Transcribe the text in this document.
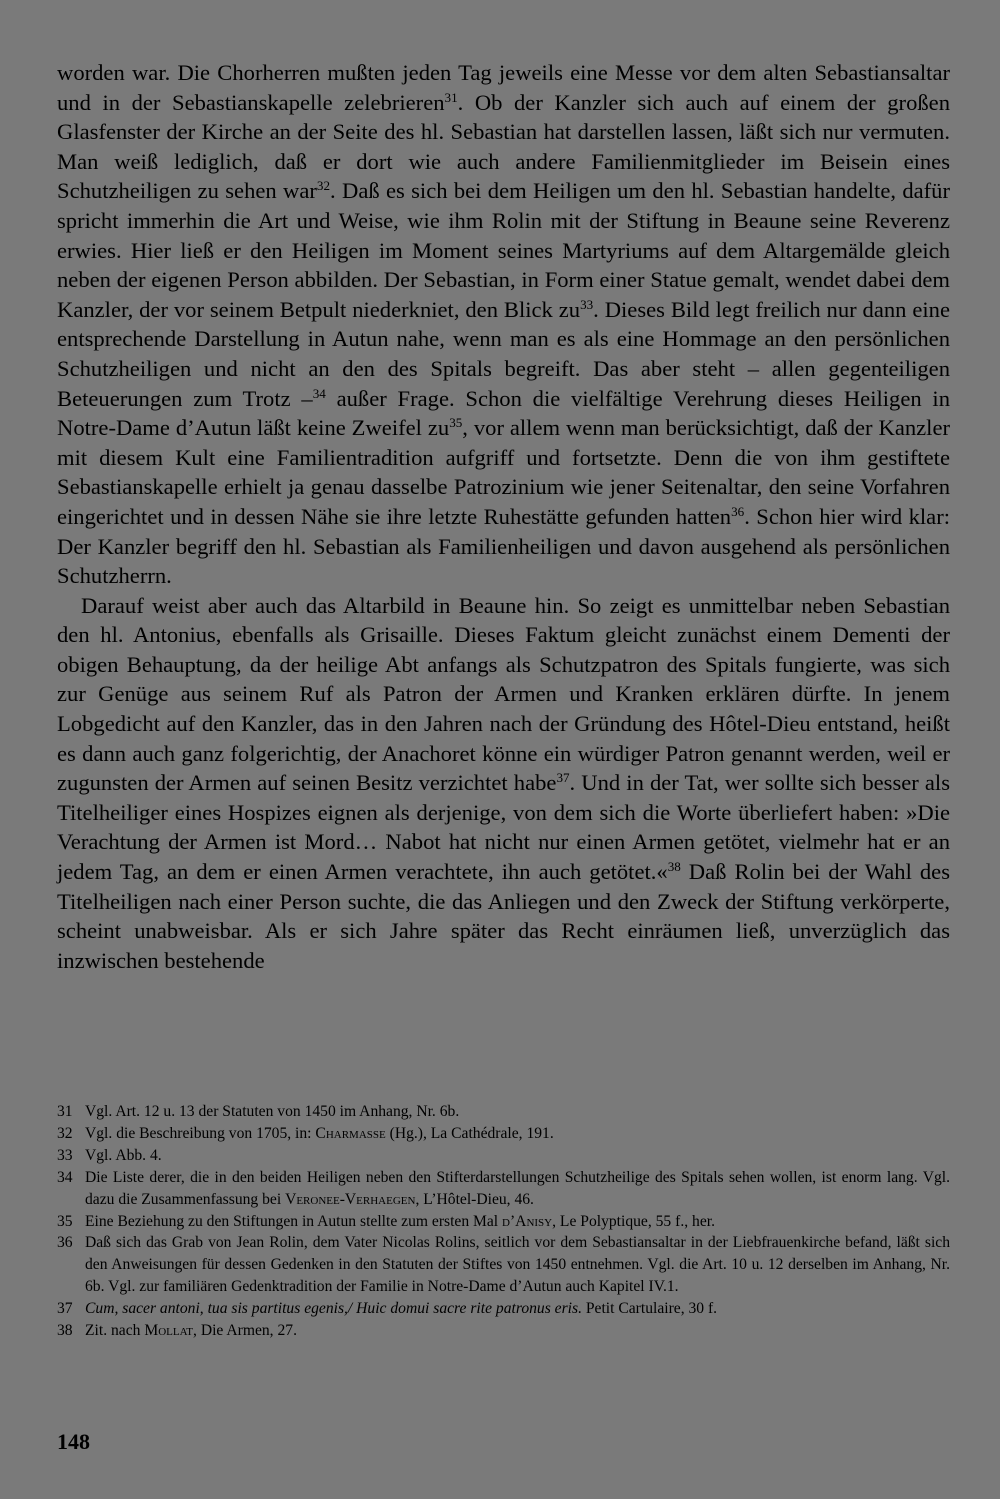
worden war. Die Chorherren mußten jeden Tag jeweils eine Messe vor dem alten Sebastiansaltar und in der Sebastianskapelle zelebrieren$^{31}$. Ob der Kanzler sich auch auf einem der großen Glasfenster der Kirche an der Seite des hl. Sebastian hat darstellen lassen, läßt sich nur vermuten. Man weiß lediglich, daß er dort wie auch andere Familienmitglieder im Beisein eines Schutzheiligen zu sehen war$^{32}$. Daß es sich bei dem Heiligen um den hl. Sebastian handelte, dafür spricht immerhin die Art und Weise, wie ihm Rolin mit der Stiftung in Beaune seine Reverenz erwies. Hier ließ er den Heiligen im Moment seines Martyriums auf dem Altargemälde gleich neben der eigenen Person abbilden. Der Sebastian, in Form einer Statue gemalt, wendet dabei dem Kanzler, der vor seinem Betpult niederkniet, den Blick $zu^{33}$. Dieses Bild legt freilich nur dann eine entsprechende Darstellung in Autun nahe, wenn man es als eine Hommage an den persönlichen Schutzheiligen und nicht an den des Spitals begreift. Das aber steht – allen gegenteiligen Beteuerungen zum Trotz –$^{34}$ außer Frage. Schon die vielfältige Verehrung dieses Heiligen in Notre-Dame d’Autun läßt keine Zweifel $zu^{35}$, vor allem wenn man berücksichtigt, daß der Kanzler mit diesem Kult eine Familientradition aufgriff und fortsetzte. Denn die von ihm gestiftete Sebastianskapelle erhielt ja genau dasselbe Patrozinium wie jener Seitenaltar, den seine Vorfahren eingerichtet und in dessen Nähe sie ihre letzte Ruhestätte gefunden hatten$^{36}$. Schon hier wird klar: Der Kanzler begriff den hl. Sebastian als Familienheiligen und davon ausgehend als persönlichen Schutzherrn.

Darauf weist aber auch das Altarbild in Beaune hin. So zeigt es unmittelbar neben Sebastian den hl. Antonius, ebenfalls als Grisaille. Dieses Faktum gleicht zunächst einem Dementi der obigen Behauptung, da der heilige Abt anfangs als Schutzpatron des Spitals fungierte, was sich zur Genüge aus seinem Ruf als Patron der Armen und Kranken erklären dürfte. In jenem Lobgedicht auf den Kanzler, das in den Jahren nach der Gründung des Hôtel-Dieu entstand, heißt es dann auch ganz folgerichtig, der Anachoret könne ein würdiger Patron genannt werden, weil er zugunsten der Armen auf seinen Besitz verzichtet habe$^{37}$. Und in der Tat, wer sollte sich besser als Titelheiliger eines Hospizes eignen als derjenige, von dem sich die Worte überliefert haben: »Die Verachtung der Armen ist Mord… Nabot hat nicht nur einen Armen getötet, vielmehr hat er an jedem Tag, an dem er einen Armen verachtete, ihn auch getötet.«$^{38}$ Daß Rolin bei der Wahl des Titelheiligen nach einer Person suchte, die das Anliegen und den Zweck der Stiftung verkörperte, scheint unabweisbar. Als er sich Jahre später das Recht einräumen ließ, unverzüglich das inzwischen bestehende

31 Vgl. Art. 12 u. 13 der Statuten von 1450 im Anhang, Nr. 6b.
32 Vgl. die Beschreibung von 1705, in: Charmasse (Hg.), La Cathédrale, 191.
33 Vgl. Abb. 4.
34 Die Liste derer, die in den beiden Heiligen neben den Stifterdarstellungen Schutzheilige des Spitals sehen wollen, ist enorm lang. Vgl. dazu die Zusammenfassung bei Veronee-Verhaegen, L’Hôtel-Dieu, 46.
35 Eine Beziehung zu den Stiftungen in Autun stellte zum ersten Mal d’Anisy, Le Polyptique, 55 f., her.
36 Daß sich das Grab von Jean Rolin, dem Vater Nicolas Rolins, seitlich vor dem Sebastiansaltar in der Liebfrauenkirche befand, läßt sich den Anweisungen für dessen Gedenken in den Statuten der Stiftes von 1450 entnehmen. Vgl. die Art. 10 u. 12 derselben im Anhang, Nr. 6b. Vgl. zur familiären Gedenktradition der Familie in Notre-Dame d’Autun auch Kapitel IV.1.
37 Cum, sacer antoni, tua sis partitus egenis,/ Huic domui sacre rite patronus eris. Petit Cartulaire, 30 f.
38 Zit. nach Mollat, Die Armen, 27.
148
